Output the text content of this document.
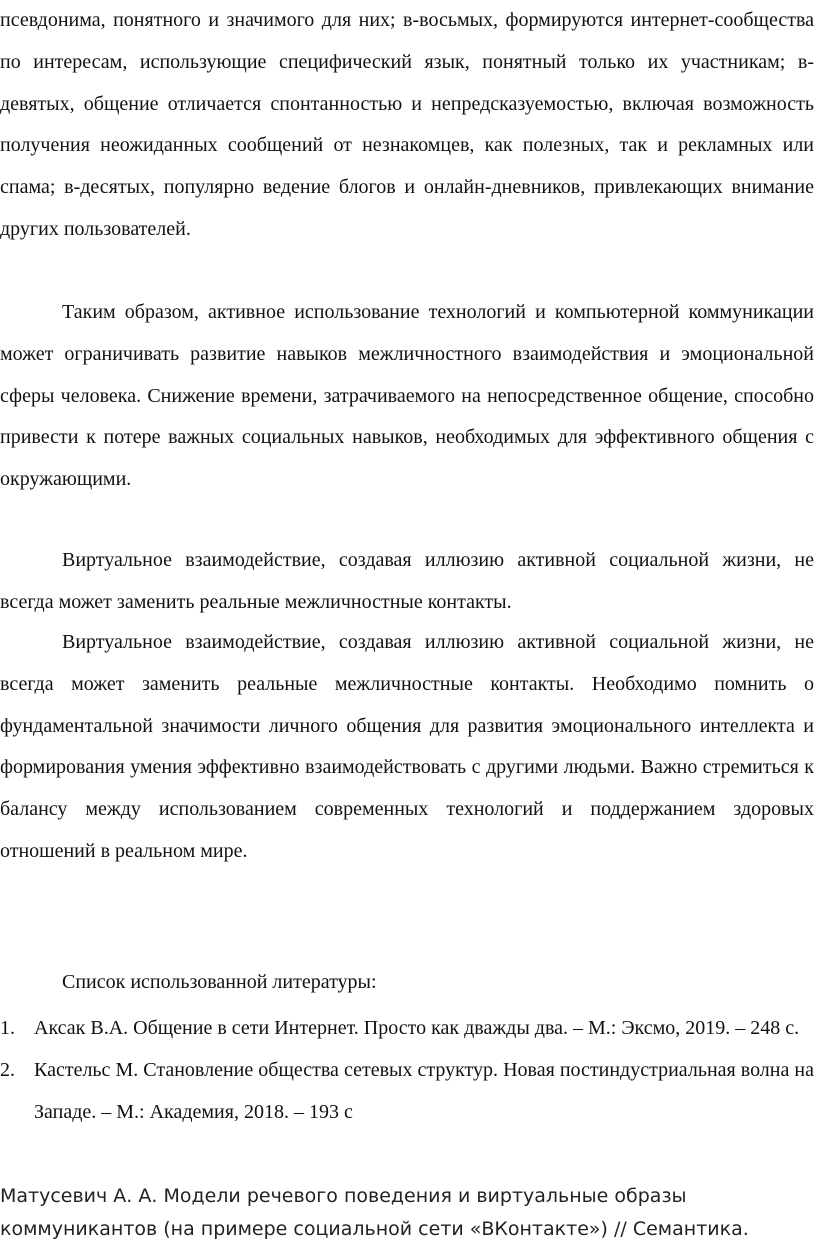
псевдонима, понятного и значимого для них; в-восьмых, формируются интернет-сообщества по интересам, использующие специфический язык, понятный только их участникам; в-девятых, общение отличается спонтанностью и непредсказуемостью, включая возможность получения неожиданных сообщений от незнакомцев, как полезных, так и рекламных или спама; в-десятых, популярно ведение блогов и онлайн-дневников, привлекающих внимание других пользователей.

Таким образом, активное использование технологий и компьютерной коммуникации может ограничивать развитие навыков межличностного взаимодействия и эмоциональной сферы человека. Снижение времени, затрачиваемого на непосредственное общение, способно привести к потере важных социальных навыков, необходимых для эффективного общения с окружающими.

Виртуальное взаимодействие, создавая иллюзию активной социальной жизни, не всегда может заменить реальные межличностные контакты.

Виртуальное взаимодействие, создавая иллюзию активной социальной жизни, не всегда может заменить реальные межличностные контакты. Необходимо помнить о фундаментальной значимости личного общения для развития эмоционального интеллекта и формирования умения эффективно взаимодействовать с другими людьми. Важно стремиться к балансу между использованием современных технологий и поддержанием здоровых отношений в реальном мире.

Список использованной литературы:

1. Аксак В.А. Общение в сети Интернет. Просто как дважды два. – М.: Эксмо, 2019. – 248 с.
2. Кастельс М. Становление общества сетевых структур. Новая постиндустриальная волна на Западе. – М.: Академия, 2018. – 193 с

Матусевич А. А. Модели речевого поведения и виртуальные образы коммуникантов (на примере социальной сети «ВКонтакте») // Семантика.
